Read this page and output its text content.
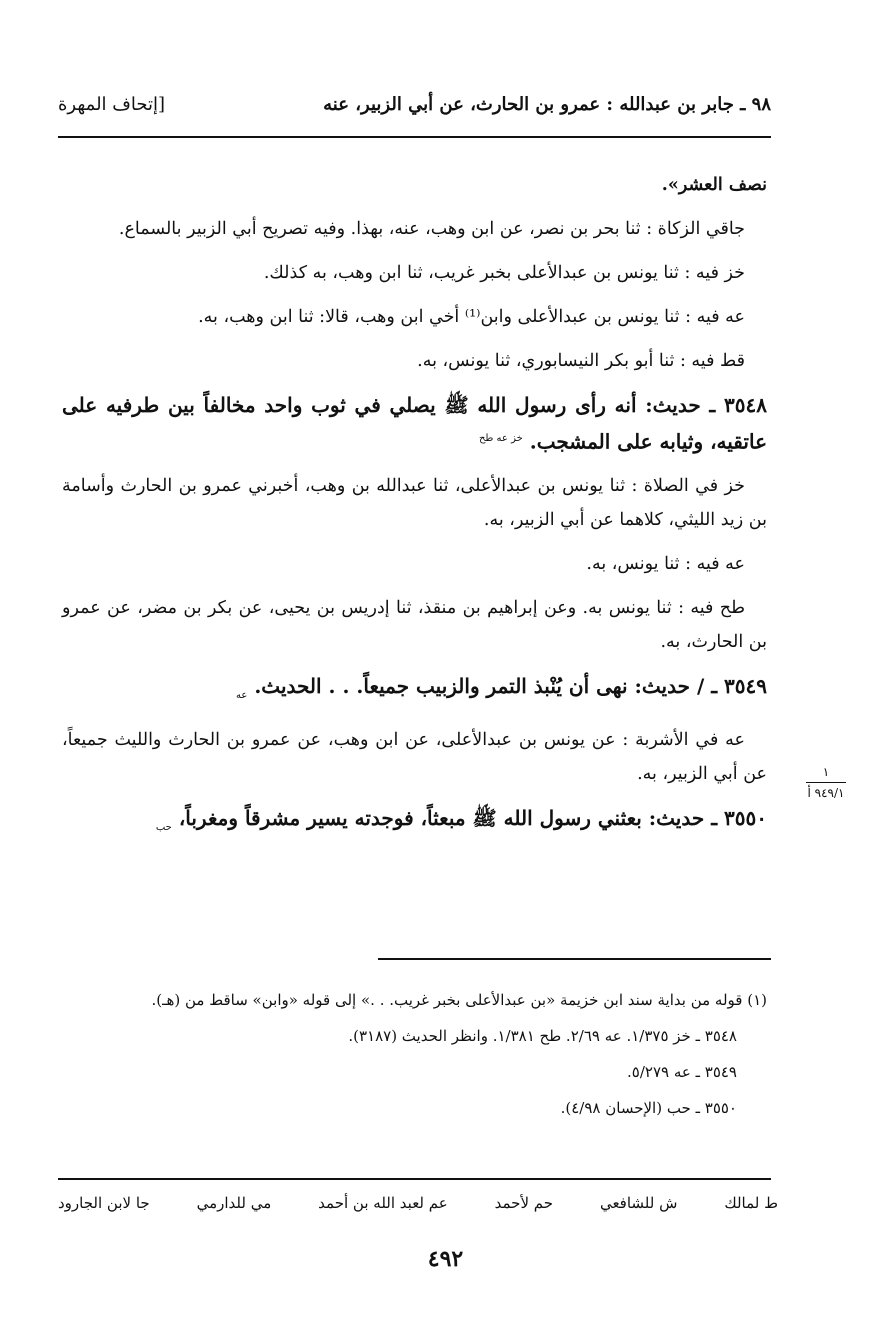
٩٨ ـ جابر بن عبدالله : عمرو بن الحارث، عن أبي الزبير، عنه
[إتحاف المهرة

نصف العشر».

جاقي الزكاة : ثنا بحر بن نصر، عن ابن وهب، عنه، بهذا. وفيه تصريح أبي الزبير بالسماع.

خز فيه : ثنا يونس بن عبدالأعلى بخبر غريب، ثنا ابن وهب، به كذلك.

عه فيه : ثنا يونس بن عبدالأعلى وابن⁽¹⁾ أخي ابن وهب، قالا: ثنا ابن وهب، به.

قط فيه : ثنا أبو بكر النيسابوري، ثنا يونس، به.

٣٥٤٨ ـ حديث: أنه رأى رسول الله ﷺ يصلي في ثوب واحد مخالفاً بين طرفيه على عاتقيه، وثيابه على المشجب. $^{خز عه طح}$

خز في الصلاة : ثنا يونس بن عبدالأعلى، ثنا عبدالله بن وهب، أخبرني عمرو بن الحارث وأسامة بن زيد الليثي، كلاهما عن أبي الزبير، به.

عه فيه : ثنا يونس، به.

طح فيه : ثنا يونس به. وعن إبراهيم بن منقذ، ثنا إدريس بن يحيى، عن بكر بن مضر، عن عمرو بن الحارث، به.

٣٥٤٩ ـ / حديث: نهى أن يُنْبذ التمر والزبيب جميعاً. . . الحديث. $_{عه}$

عه في الأشربة : عن يونس بن عبدالأعلى، عن ابن وهب، عن عمرو بن الحارث والليث جميعاً، عن أبي الزبير، به.

٣٥٥٠ ـ حديث: بعثني رسول الله ﷺ مبعثاً، فوجدته يسير مشرقاً ومغرباً، $_{حب}$

١
٩٤٩/١ أ

(١) قوله من بداية سند ابن خزيمة «بن عبدالأعلى بخبر غريب. . .» إلى قوله «وابن» ساقط من (هـ).

٣٥٤٨ ـ خز ١/٣٧٥. عه ٢/٦٩. طح ١/٣٨١. وانظر الحديث (٣١٨٧).

٣٥٤٩ ـ عه ٥/٢٧٩.

٣٥٥٠ ـ حب (الإحسان ٤/٩٨).

ط لمالك
ش للشافعي
حم لأحمد
عم لعبد الله بن أحمد
مي للدارمي
جا لابن الجارود
٤٩٢
